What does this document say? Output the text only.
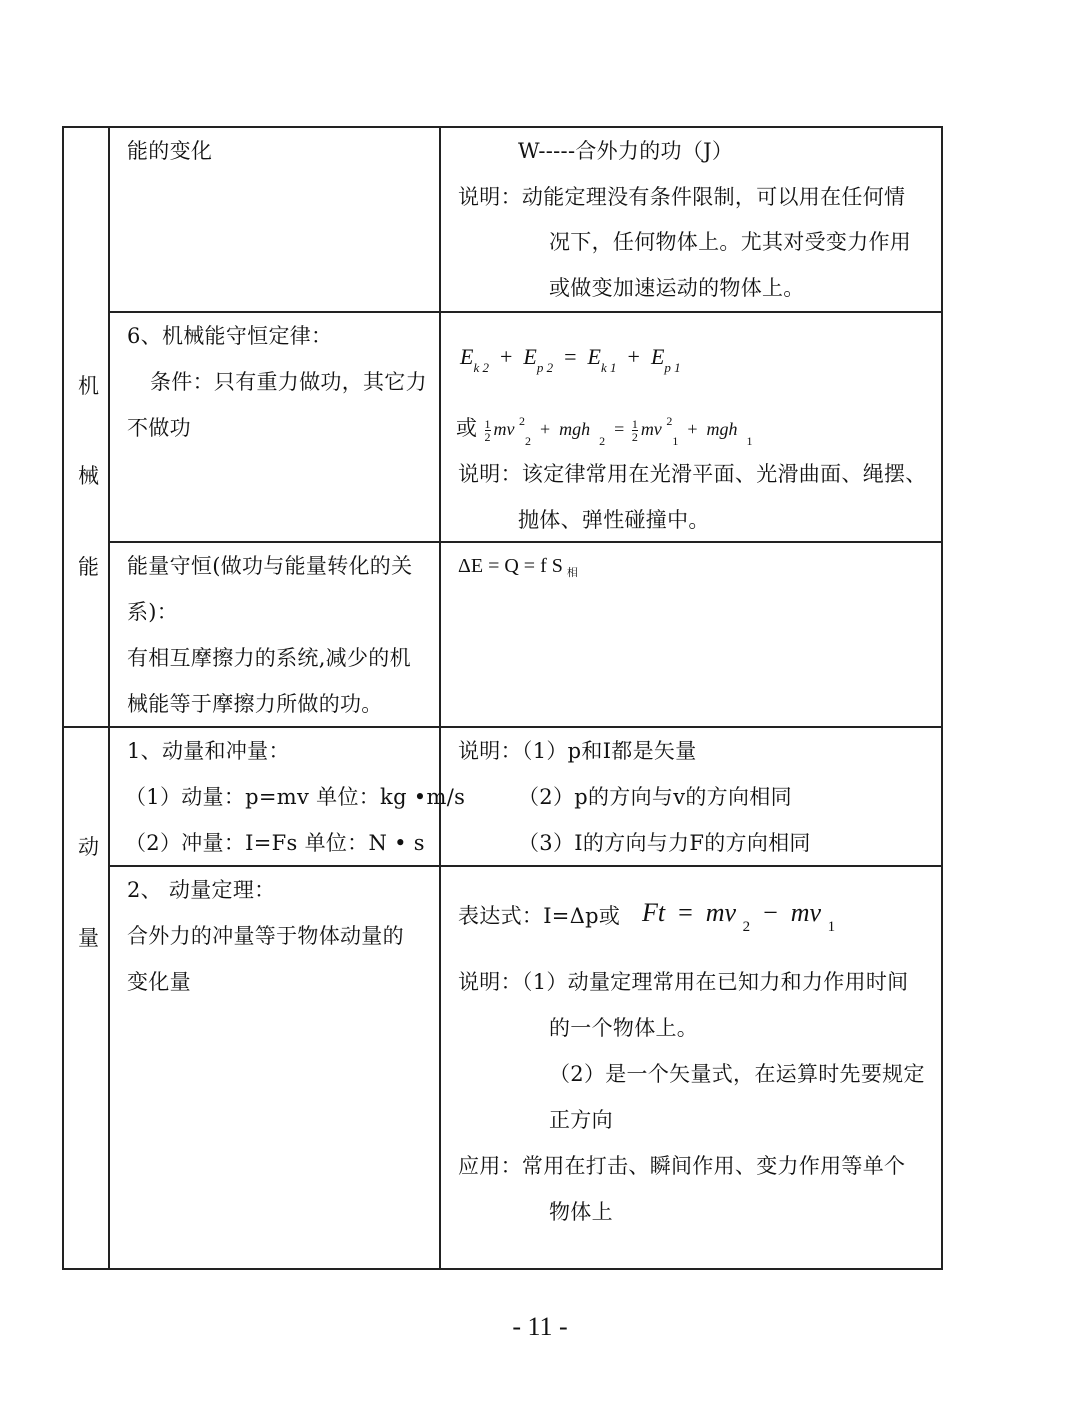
机
械
能
动
量
能的变化	W-----合外力的功（J）
说明：动能定理没有条件限制，可以用在任何情
况下，任何物体上。尤其对受变力作用
或做变加速运动的物体上。
6、机械能守恒定律：
条件：只有重力做功，其它力
不做功
$E_{k 2} + E_{p 2} = E_{k 1} + E_{p 1}$
或 $\frac{1}{2}$ mv $^2_2$  + mgh  $_2 = \frac{1}{2}$ mv $^2_1$  + mgh  $_1$
说明：该定律常用在光滑平面、光滑曲面、绳摆、
抛体、弹性碰撞中。
能量守恒(做功与能量转化的关
系)：
有相互摩擦力的系统,减少的机
械能等于摩擦力所做的功。
ΔE = Q = f S $_相$
1、动量和冲量：
（1）动量：p=mv 单位：kg •m/s
（2）冲量：I=Fs 单位：N • s
说明：（1）p和I都是矢量
（2）p的方向与v的方向相同
（3）I的方向与力F的方向相同
2、 动量定理：
合外力的冲量等于物体动量的
变化量
表达式：I=Δp或 Ft = mv $_2$ − mv $_1$
说明：（1）动量定理常用在已知力和力作用时间
的一个物体上。
（2）是一个矢量式，在运算时先要规定
正方向
应用：常用在打击、瞬间作用、变力作用等单个
物体上
- 11 -
